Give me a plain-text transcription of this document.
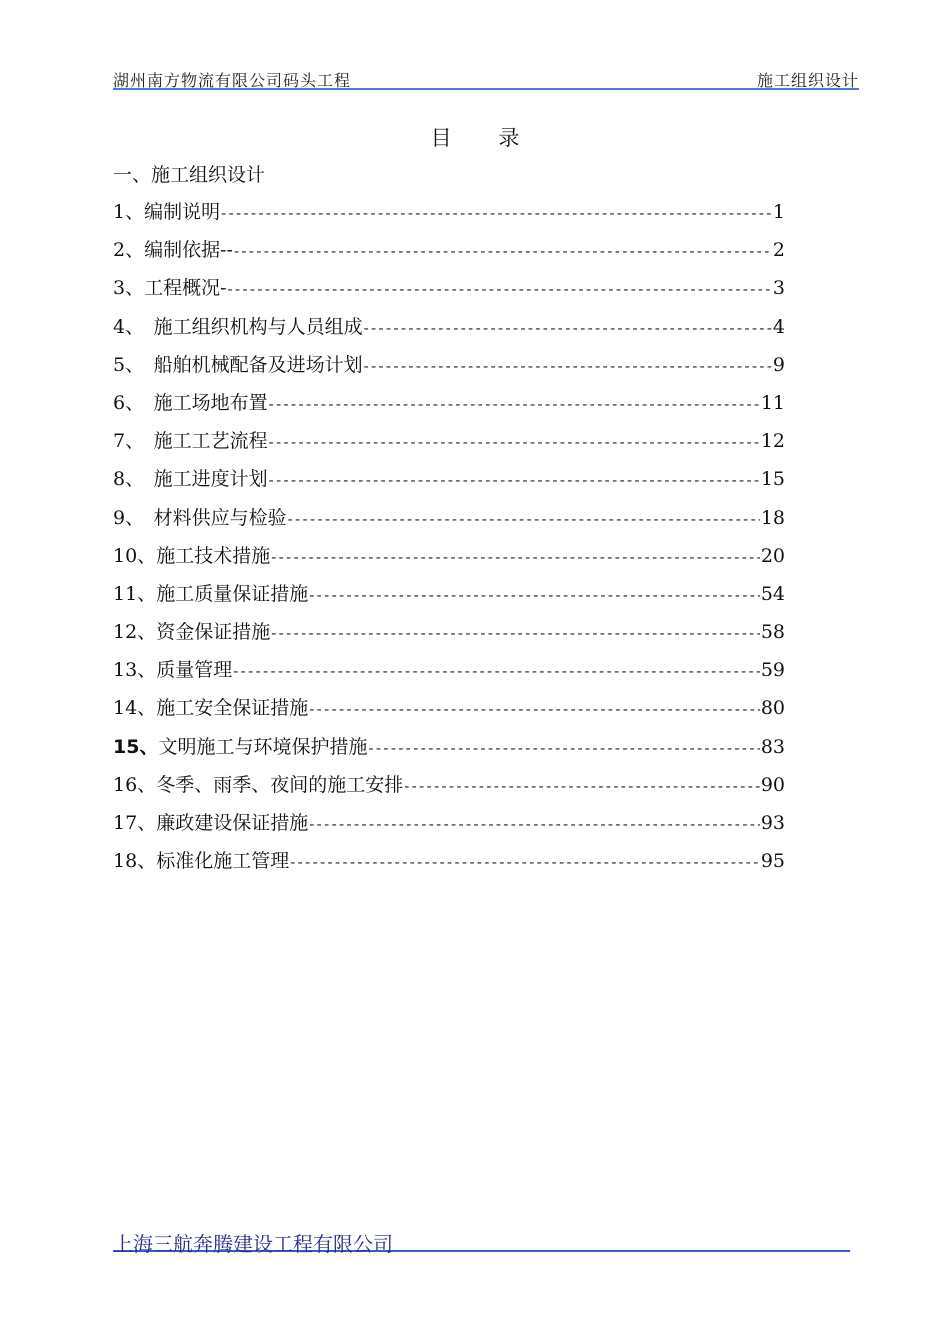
湖州南方物流有限公司码头工程	施工组织设计
目 录
一、施工组织设计
1、 编制说明 -----	1
2、 编制依据-- -----	2
3、 工程概况- -----	3
4、　 施工组织机构与人员组成 -----	4
5、　 船舶机械配备及进场计划 -----	9
6、　 施工场地布置 -----	11
7、　 施工工艺流程 -----	12
8、　 施工进度计划 -----	15
9、　 材料供应与检验 -----	18
10、 施工技术措施 -----	20
11、 施工质量保证措施 -----	54
12、 资金保证措施 -----	58
13、 质量管理 -----	59
14、 施工安全保证措施 -----	80
15、 文明施工与环境保护措施 -----	83
16、 冬季、雨季、夜间的施工安排 -----	90
17、 廉政建设保证措施 -----	93
18、 标准化施工管理 -----	95
上海三航奔腾建设工程有限公司
